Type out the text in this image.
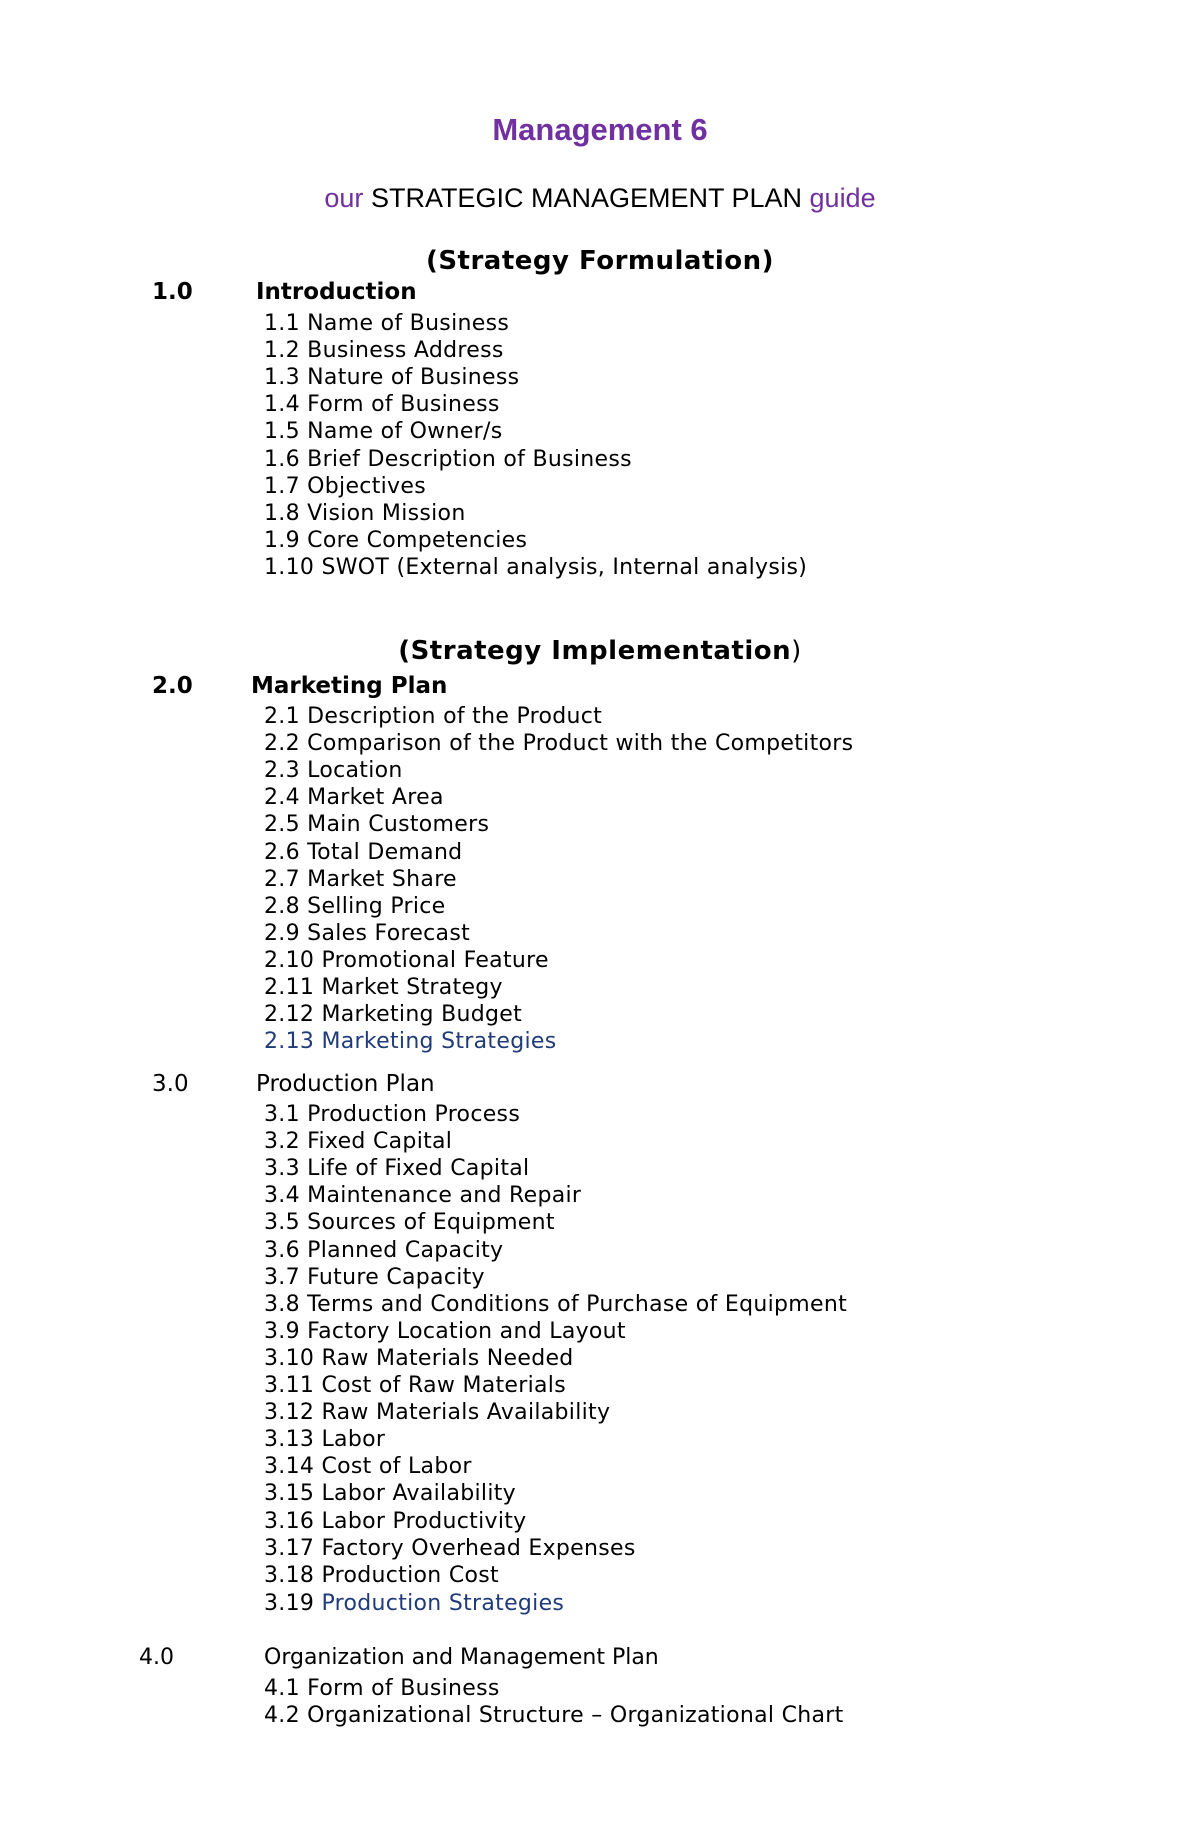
Management 6
our STRATEGIC MANAGEMENT PLAN guide
(Strategy Formulation)
1.0	Introduction
1.1 Name of Business
1.2 Business Address
1.3 Nature of Business
1.4 Form of Business
1.5 Name of Owner/s
1.6 Brief Description of Business
1.7 Objectives
1.8 Vision Mission
1.9 Core Competencies
1.10 SWOT (External analysis, Internal analysis)
(Strategy Implementation)
2.0	Marketing Plan
2.1 Description of the Product
2.2 Comparison of the Product with the Competitors
2.3 Location
2.4 Market Area
2.5 Main Customers
2.6 Total Demand
2.7 Market Share
2.8 Selling Price
2.9 Sales Forecast
2.10 Promotional Feature
2.11 Market Strategy
2.12 Marketing Budget
2.13 Marketing Strategies
3.0	Production Plan
3.1 Production Process
3.2 Fixed Capital
3.3 Life of Fixed Capital
3.4 Maintenance and Repair
3.5 Sources of Equipment
3.6 Planned Capacity
3.7 Future Capacity
3.8 Terms and Conditions of Purchase of Equipment
3.9 Factory Location and Layout
3.10 Raw Materials Needed
3.11 Cost of Raw Materials
3.12 Raw Materials Availability
3.13 Labor
3.14 Cost of Labor
3.15 Labor Availability
3.16 Labor Productivity
3.17 Factory Overhead Expenses
3.18 Production Cost
3.19 Production Strategies
4.0	Organization and Management Plan
4.1 Form of Business
4.2 Organizational Structure – Organizational Chart
